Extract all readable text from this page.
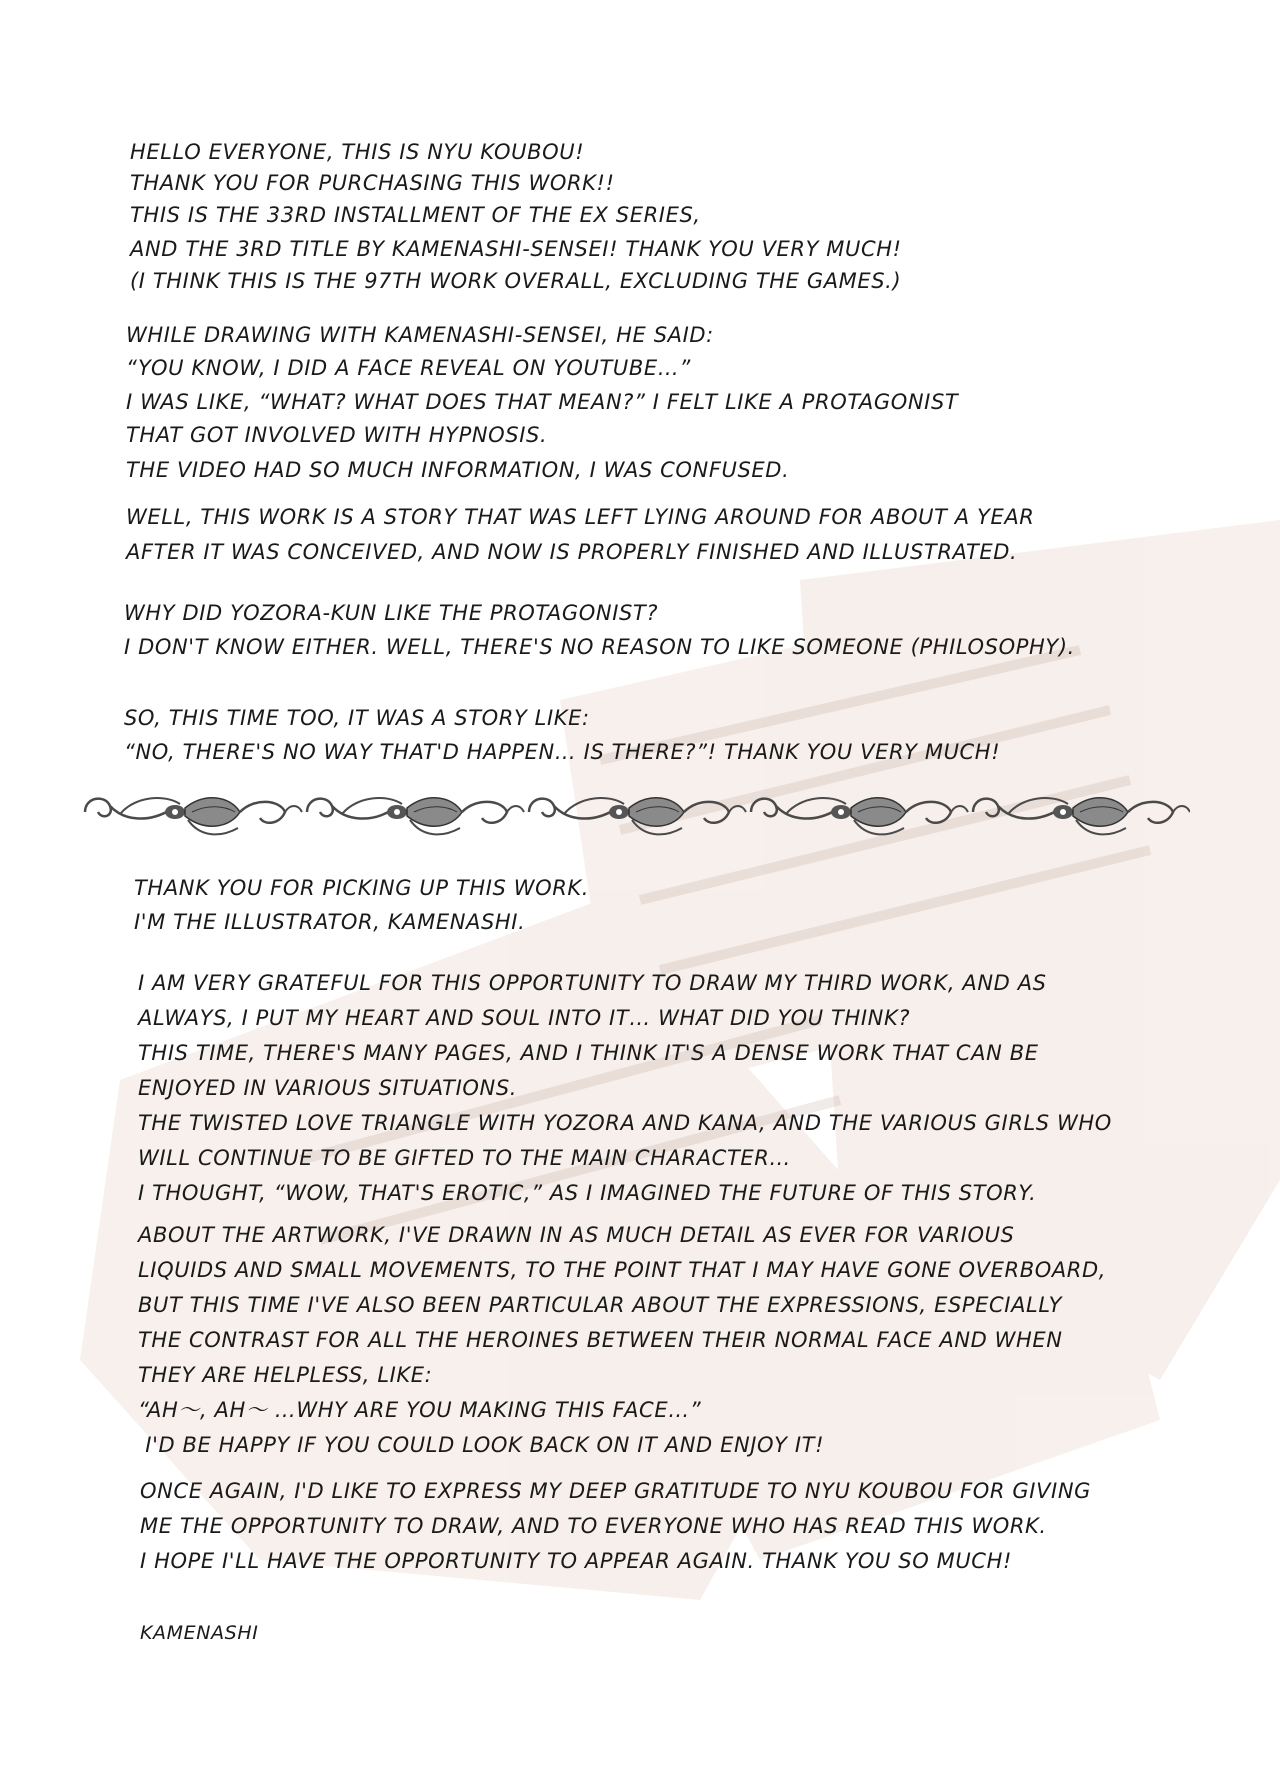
HELLO EVERYONE, THIS IS NYU KOUBOU!

THANK YOU FOR PURCHASING THIS WORK!!

THIS IS THE 33RD INSTALLMENT OF THE EX SERIES,

AND THE 3RD TITLE BY KAMENASHI-SENSEI! THANK YOU VERY MUCH!

(I THINK THIS IS THE 97TH WORK OVERALL, EXCLUDING THE GAMES.)

WHILE DRAWING WITH KAMENASHI-SENSEI, HE SAID:

“YOU KNOW, I DID A FACE REVEAL ON YOUTUBE…”

I WAS LIKE, “WHAT? WHAT DOES THAT MEAN?” I FELT LIKE A PROTAGONIST

THAT GOT INVOLVED WITH HYPNOSIS.

THE VIDEO HAD SO MUCH INFORMATION, I WAS CONFUSED.

WELL, THIS WORK IS A STORY THAT WAS LEFT LYING AROUND FOR ABOUT A YEAR

AFTER IT WAS CONCEIVED, AND NOW IS PROPERLY FINISHED AND ILLUSTRATED.

WHY DID YOZORA-KUN LIKE THE PROTAGONIST?

I DON'T KNOW EITHER. WELL, THERE'S NO REASON TO LIKE SOMEONE (PHILOSOPHY).

SO, THIS TIME TOO, IT WAS A STORY LIKE:

“NO, THERE'S NO WAY THAT'D HAPPEN… IS THERE?”! THANK YOU VERY MUCH!

THANK YOU FOR PICKING UP THIS WORK.

I'M THE ILLUSTRATOR, KAMENASHI.

I AM VERY GRATEFUL FOR THIS OPPORTUNITY TO DRAW MY THIRD WORK, AND AS

ALWAYS, I PUT MY HEART AND SOUL INTO IT… WHAT DID YOU THINK?

THIS TIME, THERE'S MANY PAGES, AND I THINK IT'S A DENSE WORK THAT CAN BE

ENJOYED IN VARIOUS SITUATIONS.

THE TWISTED LOVE TRIANGLE WITH YOZORA AND KANA, AND THE VARIOUS GIRLS WHO

WILL CONTINUE TO BE GIFTED TO THE MAIN CHARACTER…

I THOUGHT, “WOW, THAT'S EROTIC,” AS I IMAGINED THE FUTURE OF THIS STORY.

ABOUT THE ARTWORK, I'VE DRAWN IN AS MUCH DETAIL AS EVER FOR VARIOUS

LIQUIDS AND SMALL MOVEMENTS, TO THE POINT THAT I MAY HAVE GONE OVERBOARD,

BUT THIS TIME I'VE ALSO BEEN PARTICULAR ABOUT THE EXPRESSIONS, ESPECIALLY

THE CONTRAST FOR ALL THE HEROINES BETWEEN THEIR NORMAL FACE AND WHEN

THEY ARE HELPLESS, LIKE:

“AH～, AH～ …WHY ARE YOU MAKING THIS FACE…”

I'D BE HAPPY IF YOU COULD LOOK BACK ON IT AND ENJOY IT!

ONCE AGAIN, I'D LIKE TO EXPRESS MY DEEP GRATITUDE TO NYU KOUBOU FOR GIVING

ME THE OPPORTUNITY TO DRAW, AND TO EVERYONE WHO HAS READ THIS WORK.

I HOPE I'LL HAVE THE OPPORTUNITY TO APPEAR AGAIN. THANK YOU SO MUCH!

KAMENASHI
